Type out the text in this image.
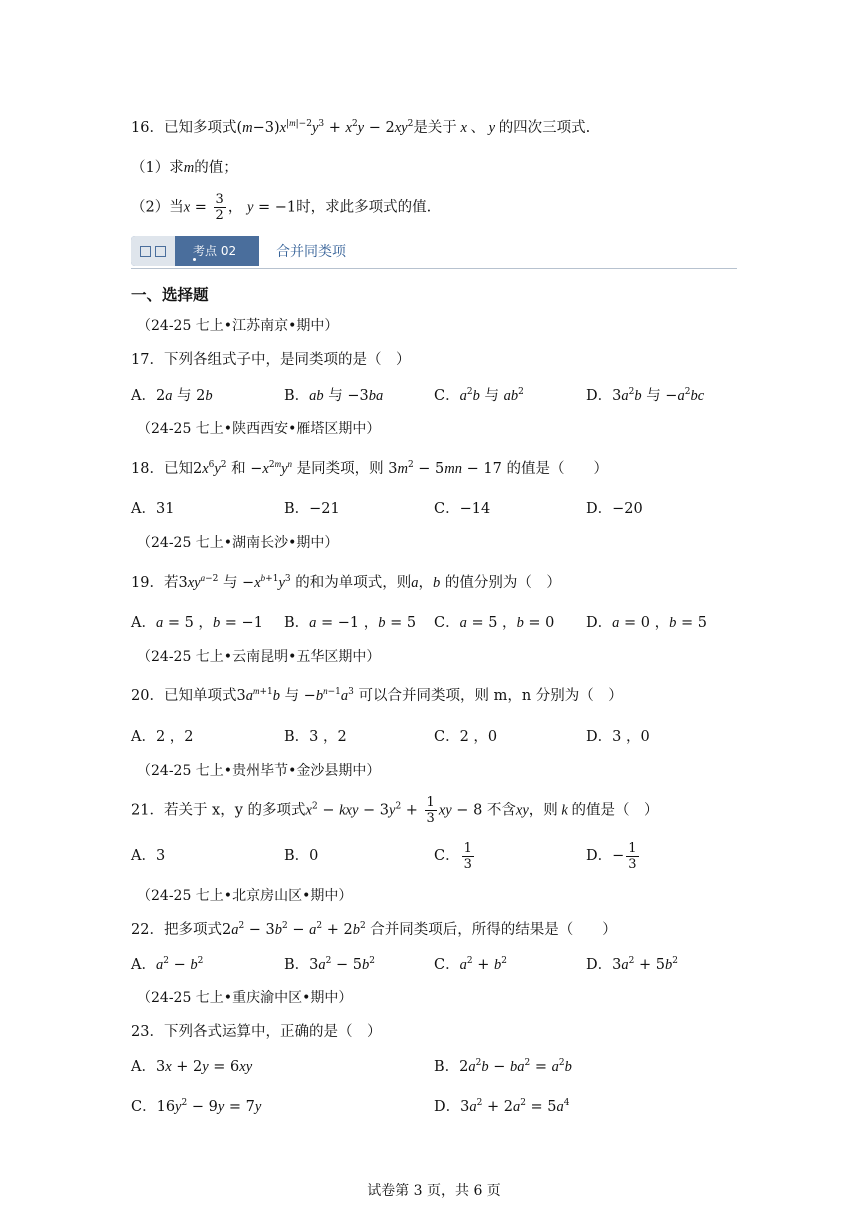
16．已知多项式$(m-3)x^{|m|-2}y^3 + x^2y - 2xy^2$是关于 x 、 y 的四次三项式.
（1）求m的值；
（2）当$x = \frac{3}{2}$ ， y = −1时，求此多项式的值.
考点 02	合并同类项
一、选择题
（24-25 七上•江苏南京•期中）
17．下列各组式子中，是同类项的是（　）
A．2a 与 2b	B．ab 与 −3ba	C．$a^2b$ 与 $ab^2$	D．$3a^2b$ 与 $-a^2bc$
（24-25 七上•陕西西安•雁塔区期中）
18．已知$2x^6y^2$ 和 $-x^{2m}y^n$ 是同类项，则 $3m^2 - 5mn - 17$ 的值是（　　）
A．31	B．−21	C．−14	D．−20
（24-25 七上•湖南长沙•期中）
19．若$3xy^{a-2}$ 与 $-x^{b+1}y^3$ 的和为单项式，则a，b 的值分别为（　）
A．a = 5 ，b = −1 B．a = −1 ，b = 5 C．a = 5 ，b = 0 D．a = 0 ，b = 5
（24-25 七上•云南昆明•五华区期中）
20．已知单项式$3a^{m+1}b$ 与 $-b^{n-1}a^3$ 可以合并同类项，则 m，n 分别为（　）
A．2 ，2	B．3 ，2	C．2 ，0	D．3 ，0
（24-25 七上•贵州毕节•金沙县期中）
21．若关于 x，y 的多项式$x^2$ − kxy − $3y^2 + \frac{1}{3}$ xy − 8 不含xy，则 k 的值是（　）
A．3	B．0	C． $\frac{1}{3}$	D．− $\frac{1}{3}$
（24-25 七上•北京房山区•期中）
22．把多项式$2a^2 - 3b^2 - a^2 + 2b^2$ 合并同类项后，所得的结果是（　　）
A．$a^2 - b^2$	B．$3a^2 - 5b^2$	C．$a^2 + b^2$	D．$3a^2 + 5b^2$
（24-25 七上•重庆渝中区•期中）
23．下列各式运算中，正确的是（　）
A．3x + 2y = 6xy	B．$2a^2b - ba^2 = a^2b$
C．$16y^2 - 9y = 7y$	D．$3a^2 + 2a^2 = 5a^4$
试卷第 3 页，共 6 页
